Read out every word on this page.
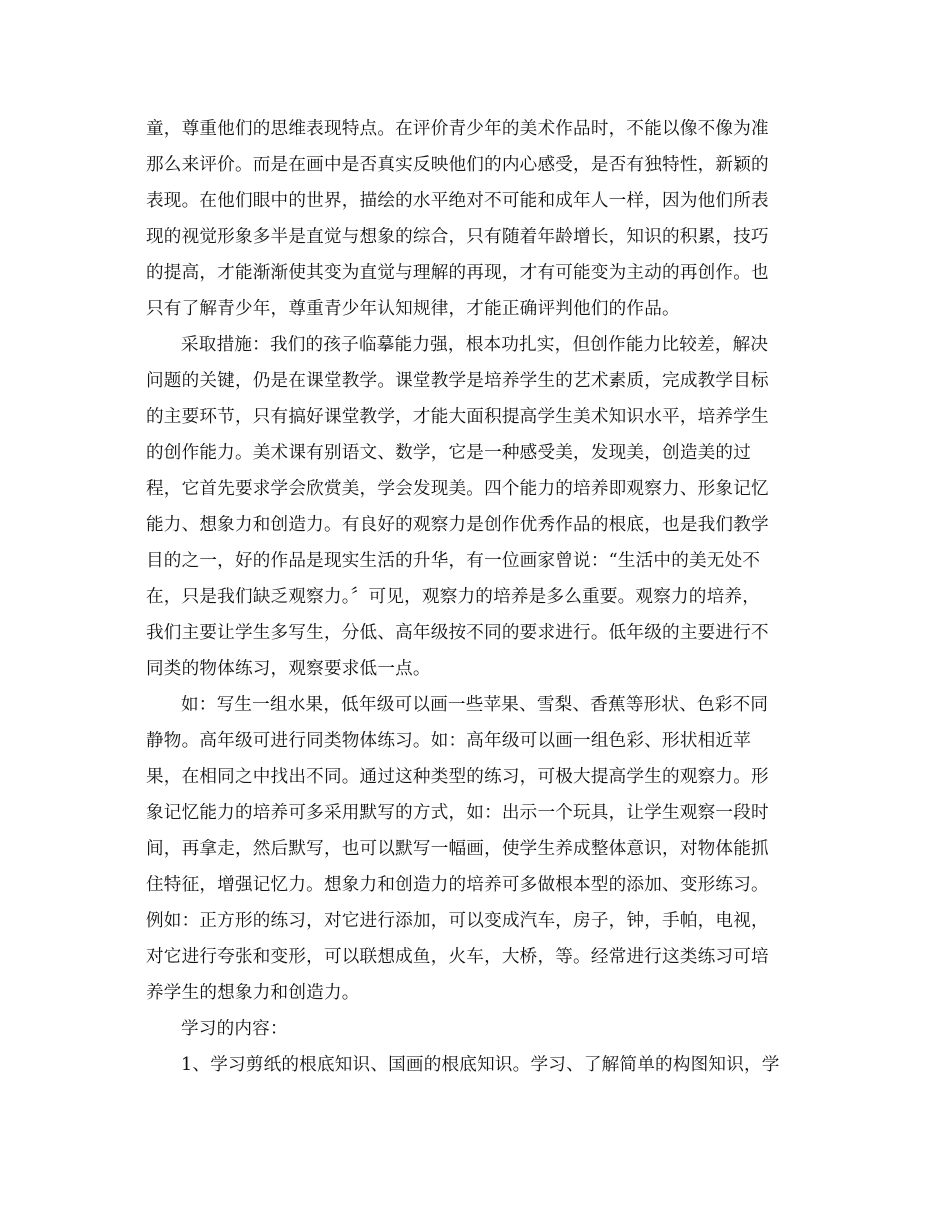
童，尊重他们的思维表现特点。在评价青少年的美术作品时，不能以像不像为准
那么来评价。而是在画中是否真实反映他们的内心感受，是否有独特性，新颖的
表现。在他们眼中的世界，描绘的水平绝对不可能和成年人一样，因为他们所表
现的视觉形象多半是直觉与想象的综合，只有随着年龄增长，知识的积累，技巧
的提高，才能渐渐使其变为直觉与理解的再现，才有可能变为主动的再创作。也
只有了解青少年，尊重青少年认知规律，才能正确评判他们的作品。
采取措施：我们的孩子临摹能力强，根本功扎实，但创作能力比较差，解决
问题的关键，仍是在课堂教学。课堂教学是培养学生的艺术素质，完成教学目标
的主要环节，只有搞好课堂教学，才能大面积提高学生美术知识水平，培养学生
的创作能力。美术课有别语文、数学，它是一种感受美，发现美，创造美的过
程，它首先要求学会欣赏美，学会发现美。四个能力的培养即观察力、形象记忆
能力、想象力和创造力。有良好的观察力是创作优秀作品的根底，也是我们教学
目的之一，好的作品是现实生活的升华，有一位画家曾说：“生活中的美无处不
在，只是我们缺乏观察力。〞可见，观察力的培养是多么重要。观察力的培养，
我们主要让学生多写生，分低、高年级按不同的要求进行。低年级的主要进行不
同类的物体练习，观察要求低一点。
如：写生一组水果，低年级可以画一些苹果、雪梨、香蕉等形状、色彩不同
静物。高年级可进行同类物体练习。如：高年级可以画一组色彩、形状相近苹
果，在相同之中找出不同。通过这种类型的练习，可极大提高学生的观察力。形
象记忆能力的培养可多采用默写的方式，如：出示一个玩具，让学生观察一段时
间，再拿走，然后默写，也可以默写一幅画，使学生养成整体意识，对物体能抓
住特征，增强记忆力。想象力和创造力的培养可多做根本型的添加、变形练习。
例如：正方形的练习，对它进行添加，可以变成汽车，房子，钟，手帕，电视，
对它进行夸张和变形，可以联想成鱼，火车，大桥，等。经常进行这类练习可培
养学生的想象力和创造力。
学习的内容：
1、学习剪纸的根底知识、国画的根底知识。学习、了解简单的构图知识，学
